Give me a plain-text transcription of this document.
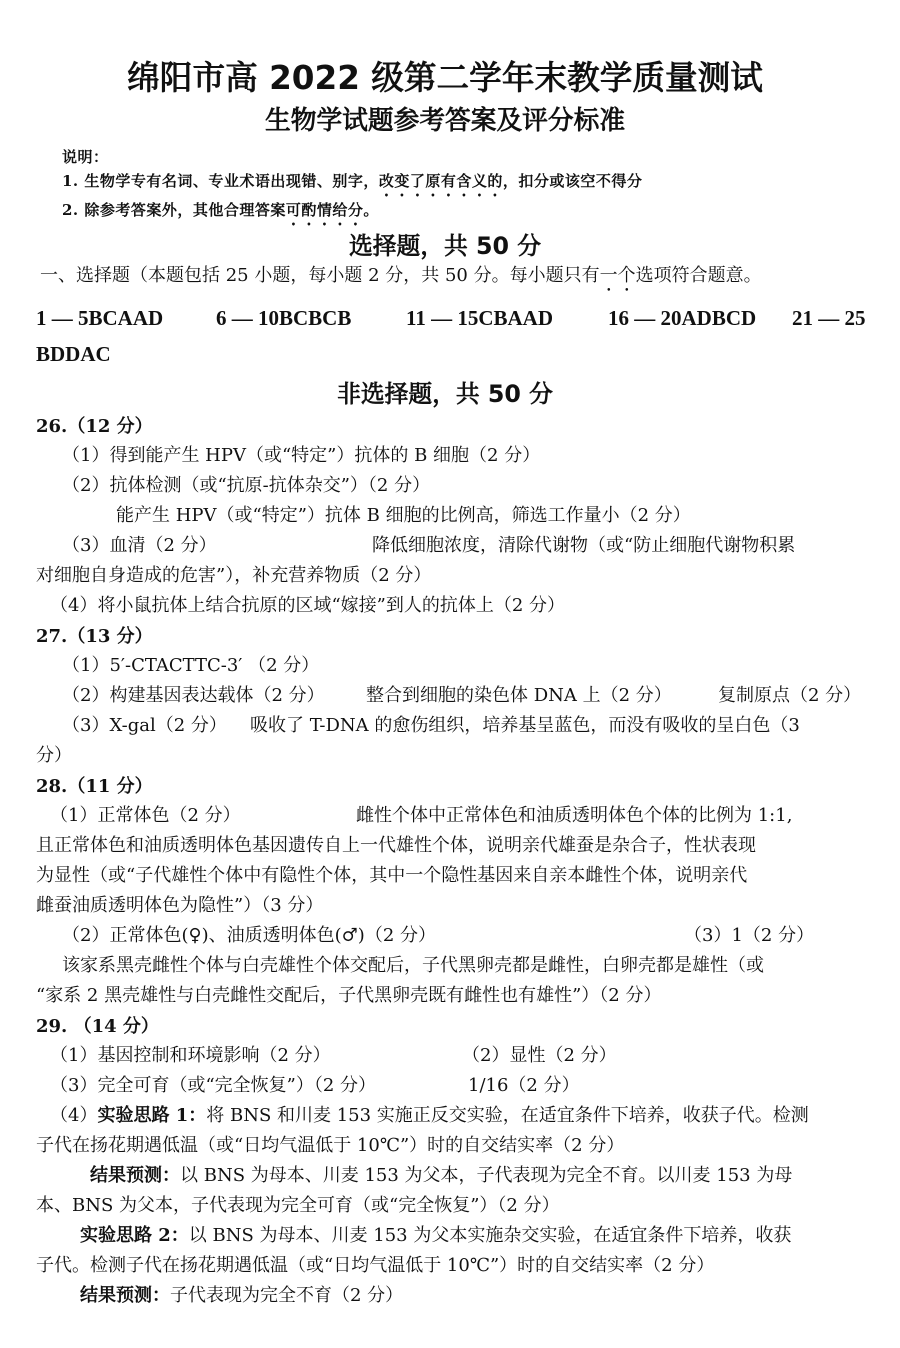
绵阳市高 2022 级第二学年末教学质量测试
生物学试题参考答案及评分标准
说明：
1. 生物学专有名词、专业术语出现错、别字，改变了原有含义的，扣分或该空不得分
2. 除参考答案外，其他合理答案可酌情给分。
选择题，共 50 分
一、选择题（本题包括 25 小题，每小题 2 分，共 50 分。每小题只有一个选项符合题意。
1 — 5BCAAD	6 — 10BCBCB	11 — 15CBAAD	16 — 20ADBCD 21 — 25
BDDAC
非选择题，共 50 分
26.（12 分）
（1）得到能产生 HPV（或“特定”）抗体的 B 细胞（2 分）
（2）抗体检测（或“抗原-抗体杂交”）（2 分）
能产生 HPV（或“特定”）抗体 B 细胞的比例高，筛选工作量小（2 分）
（3）血清（2 分）	降低细胞浓度，清除代谢物（或“防止细胞代谢物积累
对细胞自身造成的危害”），补充营养物质（2 分）
（4）将小鼠抗体上结合抗原的区域“嫁接”到人的抗体上（2 分）
27.（13 分）
（1）5′-CTACTTC-3′ （2 分）
（2）构建基因表达载体（2 分） 整合到细胞的染色体 DNA 上（2 分）	复制原点（2 分）
（3）X-gal（2 分） 吸收了 T-DNA 的愈伤组织，培养基呈蓝色，而没有吸收的呈白色（3
分）
28.（11 分）
（1）正常体色（2 分）	雌性个体中正常体色和油质透明体色个体的比例为 1:1,
且正常体色和油质透明体色基因遗传自上一代雄性个体，说明亲代雄蚕是杂合子，性状表现
为显性（或“子代雄性个体中有隐性个体，其中一个隐性基因来自亲本雌性个体，说明亲代
雌蚕油质透明体色为隐性”）（3 分）
（2）正常体色(♀)、油质透明体色(♂)（2 分）	（3）1（2 分）
该家系黑壳雌性个体与白壳雄性个体交配后，子代黑卵壳都是雌性，白卵壳都是雄性（或
“家系 2 黑壳雄性与白壳雌性交配后，子代黑卵壳既有雌性也有雄性”）（2 分）
29. （14 分）
（1）基因控制和环境影响（2 分）	（2）显性（2 分）
（3）完全可育（或“完全恢复”）（2 分）	1/16（2 分）
（4）实验思路 1：将 BNS 和川麦 153 实施正反交实验，在适宜条件下培养，收获子代。检测
子代在扬花期遇低温（或“日均气温低于 10℃”）时的自交结实率（2 分）
结果预测：以 BNS 为母本、川麦 153 为父本，子代表现为完全不育。以川麦 153 为母
本、BNS 为父本，子代表现为完全可育（或“完全恢复”）（2 分）
实验思路 2：以 BNS 为母本、川麦 153 为父本实施杂交实验，在适宜条件下培养，收获
子代。检测子代在扬花期遇低温（或“日均气温低于 10℃”）时的自交结实率（2 分）
结果预测：子代表现为完全不育（2 分）
